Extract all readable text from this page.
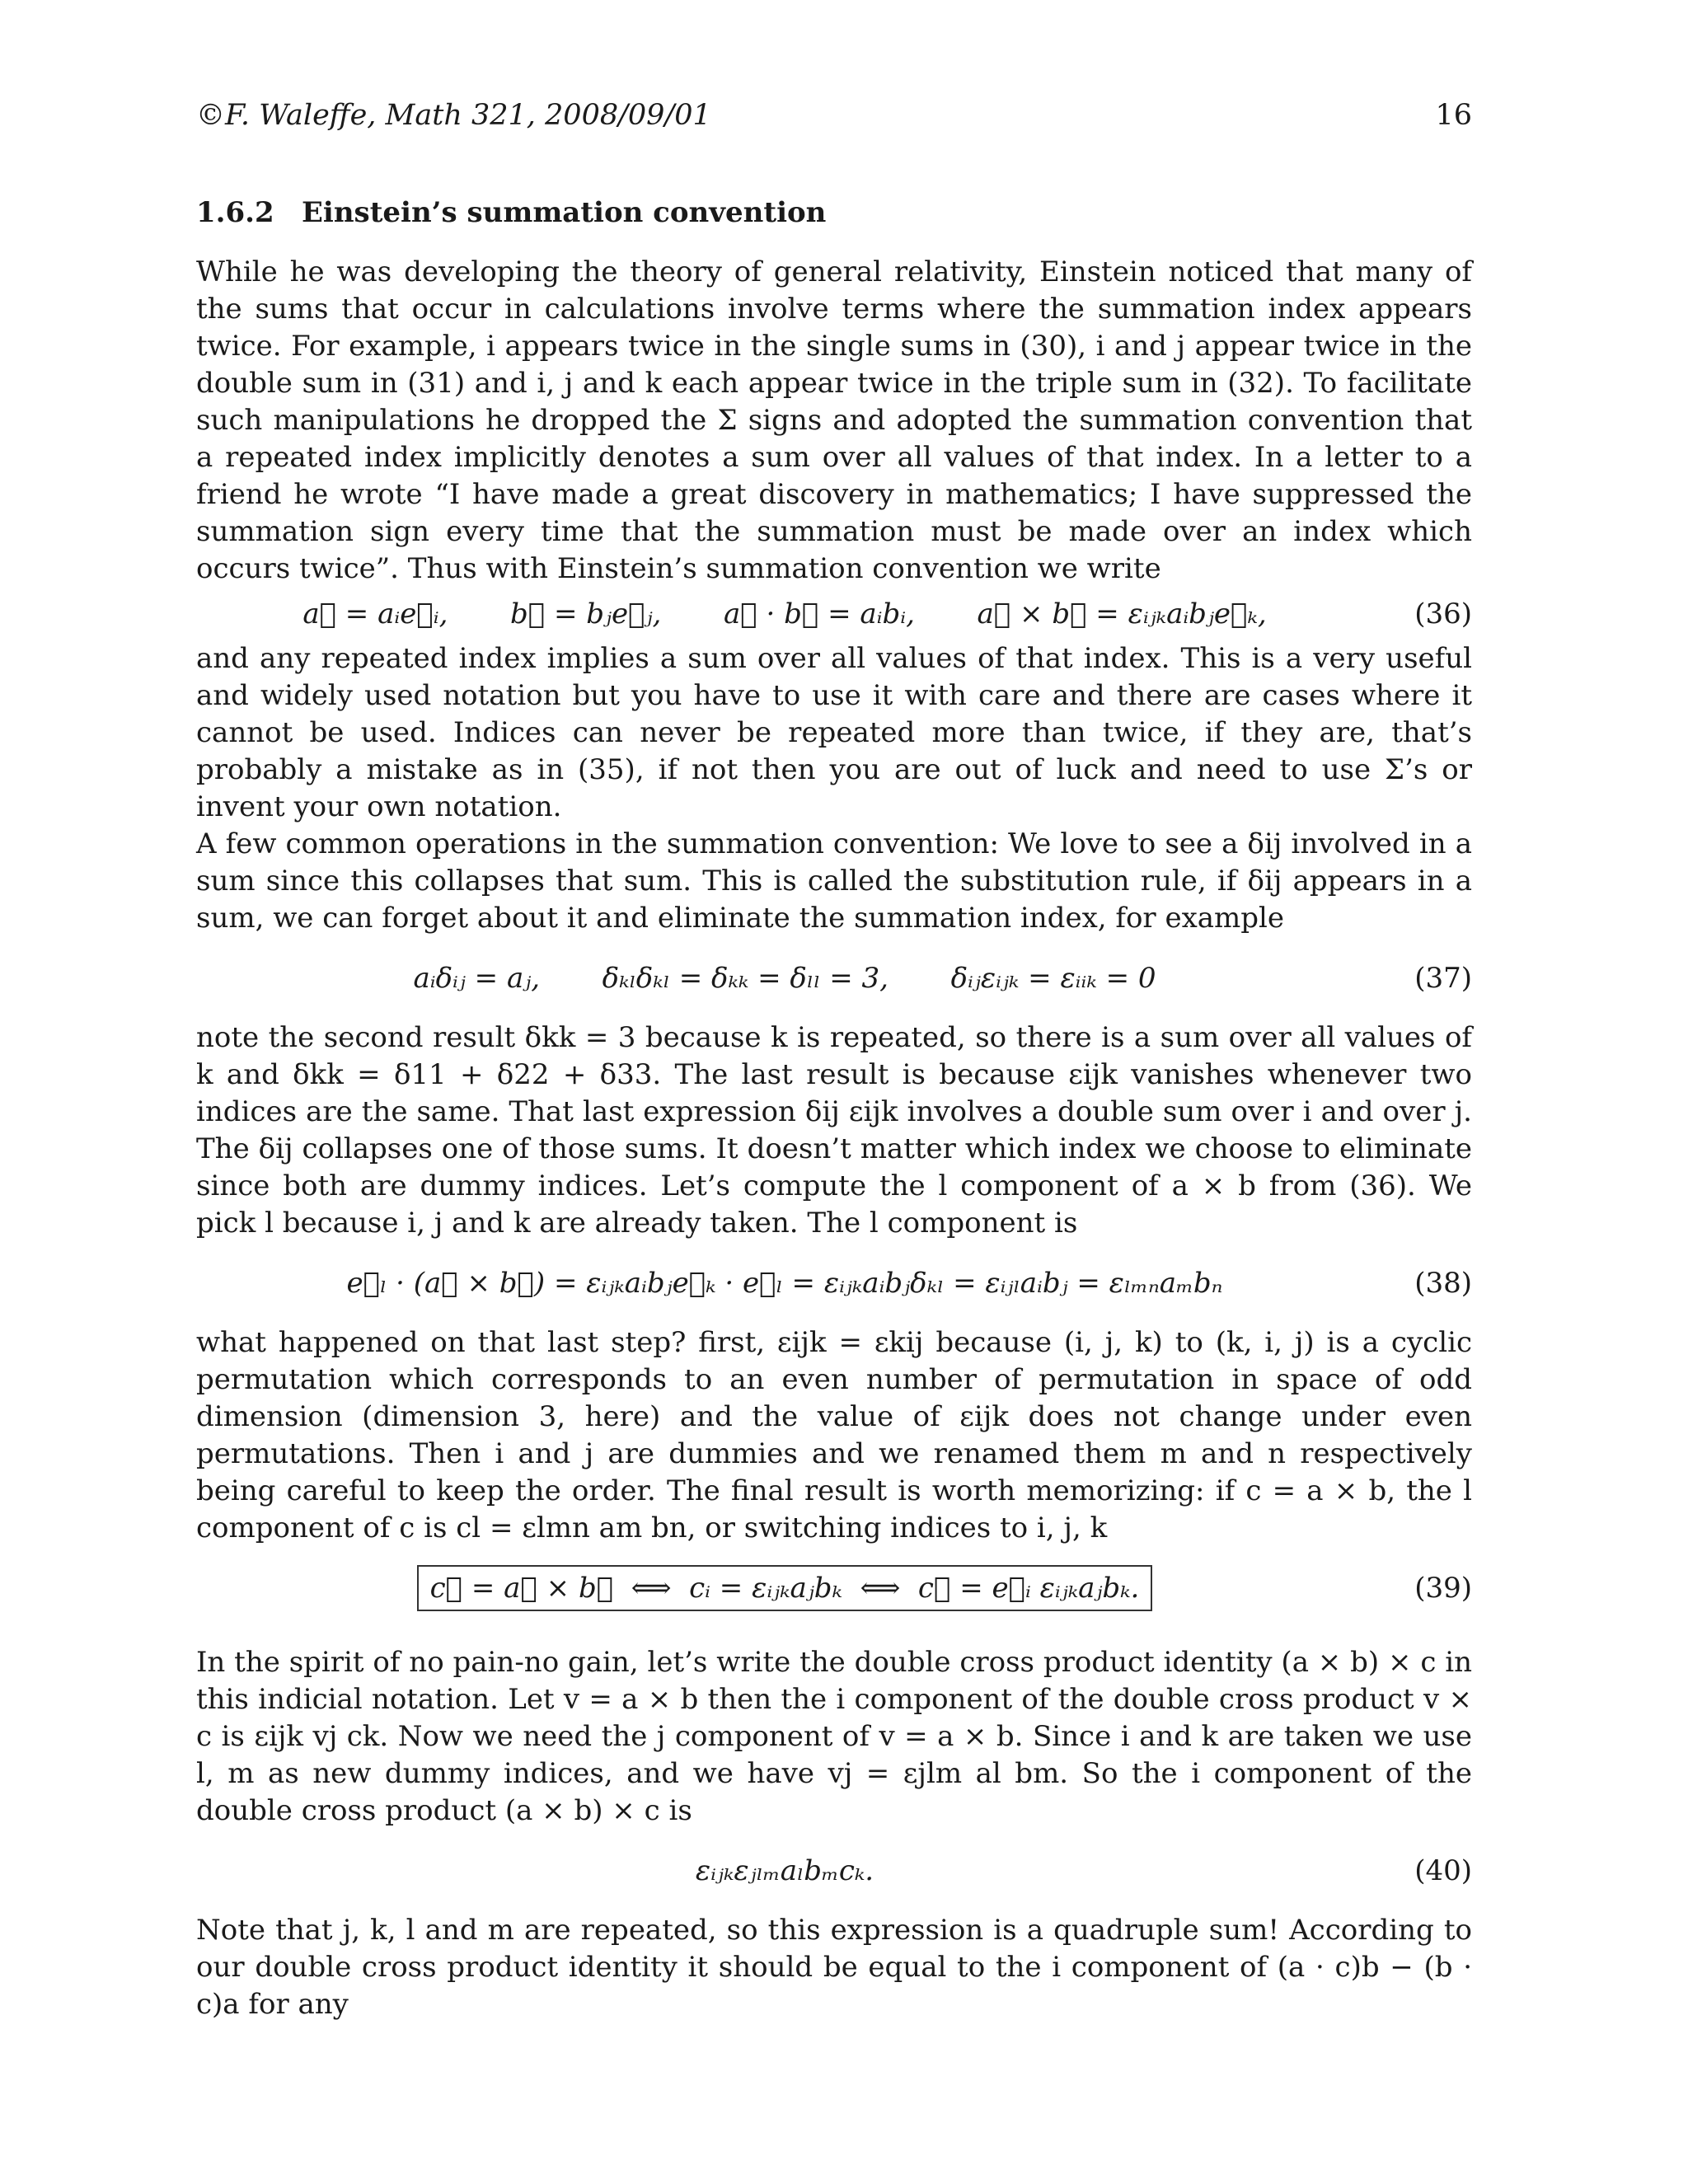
©F. Waleffe, Math 321, 2008/09/01	16
1.6.2 Einstein’s summation convention

While he was developing the theory of general relativity, Einstein noticed that many of the sums that occur in calculations involve terms where the summation index appears twice. For example, i appears twice in the single sums in (30), i and j appear twice in the double sum in (31) and i, j and k each appear twice in the triple sum in (32). To facilitate such manipulations he dropped the Σ signs and adopted the summation convention that a repeated index implicitly denotes a sum over all values of that index. In a letter to a friend he wrote “I have made a great discovery in mathematics; I have suppressed the summation sign every time that the summation must be made over an index which occurs twice”. Thus with Einstein’s summation convention we write

a⃗ = aᵢe⃗ᵢ,       b⃗ = bⱼe⃗ⱼ,       a⃗ · b⃗ = aᵢbᵢ,       a⃗ × b⃗ = εᵢⱼₖaᵢbⱼe⃗ₖ,	(36)

and any repeated index implies a sum over all values of that index. This is a very useful and widely used notation but you have to use it with care and there are cases where it cannot be used. Indices can never be repeated more than twice, if they are, that’s probably a mistake as in (35), if not then you are out of luck and need to use Σ’s or invent your own notation.

A few common operations in the summation convention: We love to see a δij involved in a sum since this collapses that sum. This is called the substitution rule, if δij appears in a sum, we can forget about it and eliminate the summation index, for example

aᵢδᵢⱼ = aⱼ,       δₖₗδₖₗ = δₖₖ = δₗₗ = 3,       δᵢⱼεᵢⱼₖ = εᵢᵢₖ = 0	(37)

note the second result δkk = 3 because k is repeated, so there is a sum over all values of k and δkk = δ11 + δ22 + δ33. The last result is because εijk vanishes whenever two indices are the same. That last expression δij εijk involves a double sum over i and over j. The δij collapses one of those sums. It doesn’t matter which index we choose to eliminate since both are dummy indices. Let’s compute the l component of a × b from (36). We pick l because i, j and k are already taken. The l component is

e⃗ₗ · (a⃗ × b⃗) = εᵢⱼₖaᵢbⱼe⃗ₖ · e⃗ₗ = εᵢⱼₖaᵢbⱼδₖₗ = εᵢⱼₗaᵢbⱼ = εₗₘₙaₘbₙ	(38)

what happened on that last step? first, εijk = εkij because (i, j, k) to (k, i, j) is a cyclic permutation which corresponds to an even number of permutation in space of odd dimension (dimension 3, here) and the value of εijk does not change under even permutations. Then i and j are dummies and we renamed them m and n respectively being careful to keep the order. The final result is worth memorizing: if c = a × b, the l component of c is cl = εlmn am bn, or switching indices to i, j, k

c⃗ = a⃗ × b⃗  ⟺  cᵢ = εᵢⱼₖaⱼbₖ  ⟺  c⃗ = e⃗ᵢ εᵢⱼₖaⱼbₖ.	(39)

In the spirit of no pain-no gain, let’s write the double cross product identity (a × b) × c in this indicial notation. Let v = a × b then the i component of the double cross product v × c is εijk vj ck. Now we need the j component of v = a × b. Since i and k are taken we use l, m as new dummy indices, and we have vj = εjlm al bm. So the i component of the double cross product (a × b) × c is

εᵢⱼₖεⱼₗₘaₗbₘcₖ.	(40)

Note that j, k, l and m are repeated, so this expression is a quadruple sum! According to our double cross product identity it should be equal to the i component of (a · c)b − (b · c)a for any
